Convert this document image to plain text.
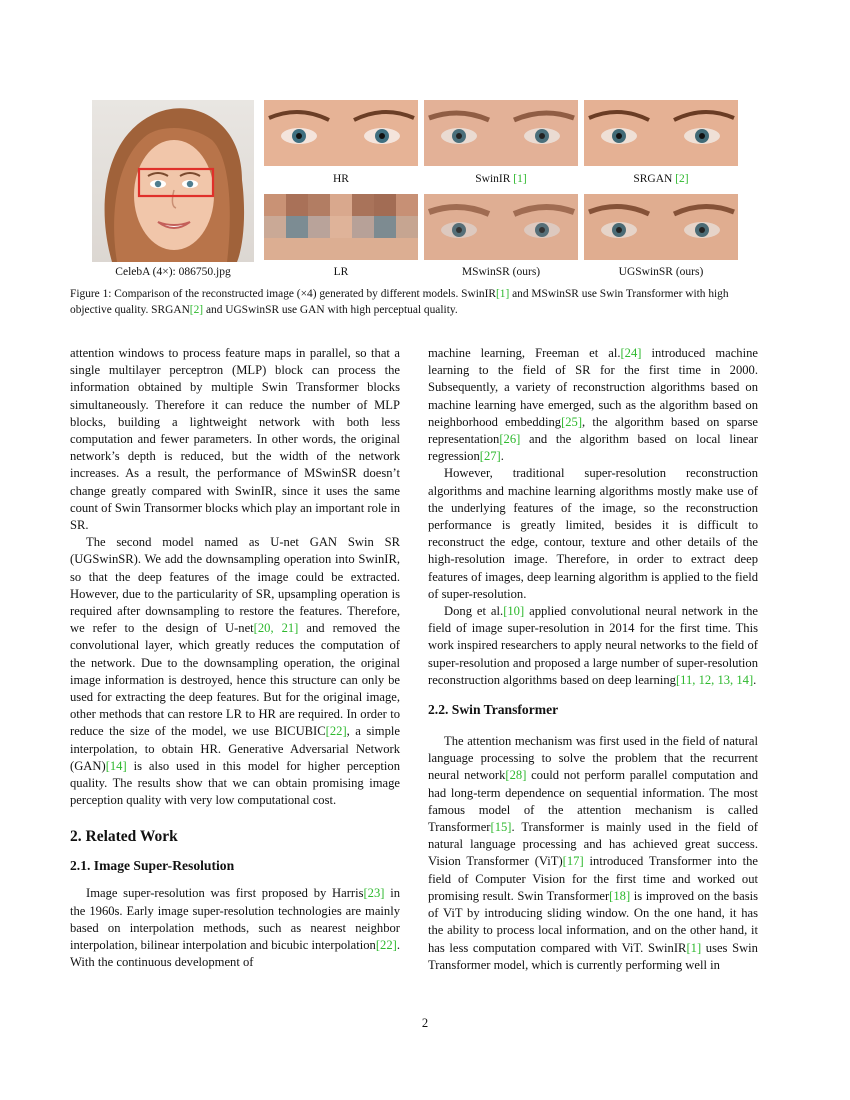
HR	SwinIR [1]	SRGAN [2]
CelebA (4×): 086750.jpg	LR	MSwinSR (ours)	UGSwinSR (ours)
Figure 1: Comparison of the reconstructed image (×4) generated by different models. SwinIR[1] and MSwinSR use Swin Transformer with high objective quality. SRGAN[2] and UGSwinSR use GAN with high perceptual quality.

attention windows to process feature maps in parallel, so that a single multilayer perceptron (MLP) block can process the information obtained by multiple Swin Transformer blocks simultaneously. Therefore it can reduce the number of MLP blocks, building a lightweight network with both less computation and fewer parameters. In other words, the original network’s depth is reduced, but the width of the network increases. As a result, the performance of MSwinSR doesn’t change greatly compared with SwinIR, since it uses the same count of Swin Transormer blocks which play an important role in SR.

The second model named as U-net GAN Swin SR (UGSwinSR). We add the downsampling operation into SwinIR, so that the deep features of the image could be extracted. However, due to the particularity of SR, upsampling operation is required after downsampling to restore the features. Therefore, we refer to the design of U-net[20, 21] and removed the convolutional layer, which greatly reduces the computation of the network. Due to the downsampling operation, the original image information is destroyed, hence this structure can only be used for extracting the deep features. But for the original image, other methods that can restore LR to HR are required. In order to reduce the size of the model, we use BICUBIC[22], a simple interpolation, to obtain HR. Generative Adversarial Network (GAN)[14] is also used in this model for higher perception quality. The results show that we can obtain promising image perception quality with very low computational cost.

2. Related Work
2.1. Image Super-Resolution

Image super-resolution was first proposed by Harris[23] in the 1960s. Early image super-resolution technologies are mainly based on interpolation methods, such as nearest neighbor interpolation, bilinear interpolation and bicubic interpolation[22]. With the continuous development of

machine learning, Freeman et al.[24] introduced machine learning to the field of SR for the first time in 2000. Subsequently, a variety of reconstruction algorithms based on machine learning have emerged, such as the algorithm based on neighborhood embedding[25], the algorithm based on sparse representation[26] and the algorithm based on local linear regression[27].

However, traditional super-resolution reconstruction algorithms and machine learning algorithms mostly make use of the underlying features of the image, so the reconstruction performance is greatly limited, besides it is difficult to reconstruct the edge, contour, texture and other details of the high-resolution image. Therefore, in order to extract deep features of images, deep learning algorithm is applied to the field of super-resolution.

Dong et al.[10] applied convolutional neural network in the field of image super-resolution in 2014 for the first time. This work inspired researchers to apply neural networks to the field of super-resolution and proposed a large number of super-resolution reconstruction algorithms based on deep learning[11, 12, 13, 14].

2.2. Swin Transformer

The attention mechanism was first used in the field of natural language processing to solve the problem that the recurrent neural network[28] could not perform parallel computation and had long-term dependence on sequential information. The most famous model of the attention mechanism is called Transformer[15]. Transformer is mainly used in the field of natural language processing and has achieved great success. Vision Transformer (ViT)[17] introduced Transformer into the field of Computer Vision for the first time and worked out promising result. Swin Transformer[18] is improved on the basis of ViT by introducing sliding window. On the one hand, it has the ability to process local information, and on the other hand, it has less computation compared with ViT. SwinIR[1] uses Swin Transformer model, which is currently performing well in

2
